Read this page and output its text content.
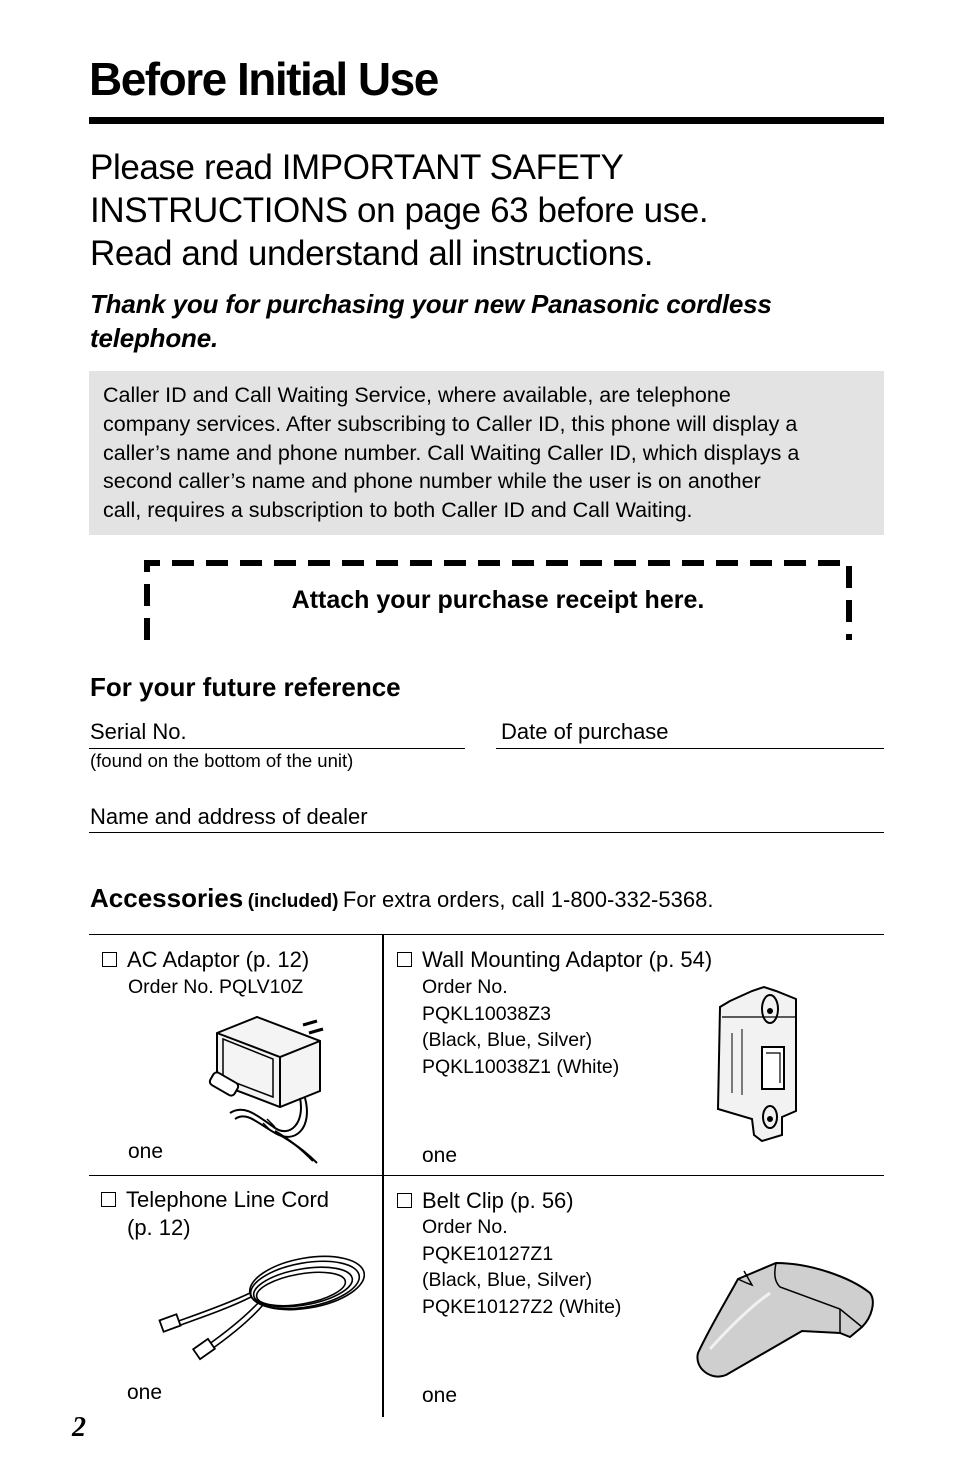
Before Initial Use
Please read IMPORTANT SAFETY
INSTRUCTIONS on page 63 before use.
Read and understand all instructions.
Thank you for purchasing your new Panasonic cordless telephone.
Caller ID and Call Waiting Service, where available, are telephone
company services. After subscribing to Caller ID, this phone will display a
caller’s name and phone number. Call Waiting Caller ID, which displays a
second caller’s name and phone number while the user is on another
call, requires a subscription to both Caller ID and Call Waiting.
Attach your purchase receipt here.
For your future reference
Serial No.
(found on the bottom of the unit)
Date of purchase
Name and address of dealer
Accessories (included) For extra orders, call 1-800-332-5368.
AC Adaptor (p. 12)
Order No. PQLV10Z
one
Wall Mounting Adaptor (p. 54)
Order No.
PQKL10038Z3
(Black, Blue, Silver)
PQKL10038Z1 (White)
one
Telephone Line Cord
(p. 12)
one
Belt Clip (p. 56)
Order No.
PQKE10127Z1
(Black, Blue, Silver)
PQKE10127Z2 (White)
one
2
